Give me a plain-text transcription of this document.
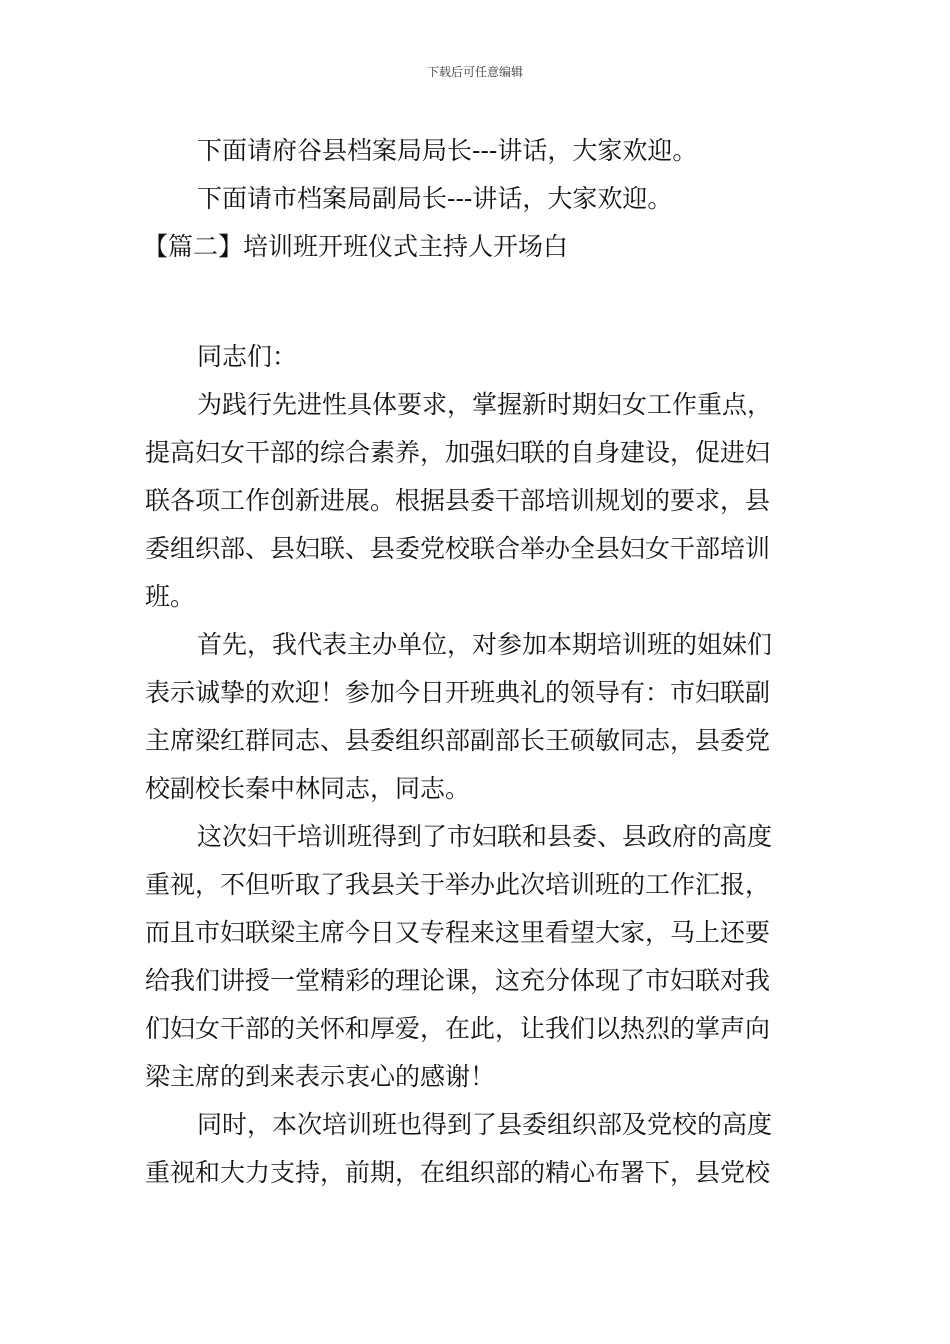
下载后可任意编辑
下面请府谷县档案局局长---讲话，大家欢迎。
下面请市档案局副局长---讲话，大家欢迎。
【篇二】培训班开班仪式主持人开场白
同志们：
为践行先进性具体要求，掌握新时期妇女工作重点，
提高妇女干部的综合素养，加强妇联的自身建设，促进妇
联各项工作创新进展。根据县委干部培训规划的要求，县
委组织部、县妇联、县委党校联合举办全县妇女干部培训
班。
首先，我代表主办单位，对参加本期培训班的姐妹们
表示诚挚的欢迎！参加今日开班典礼的领导有：市妇联副
主席梁红群同志、县委组织部副部长王硕敏同志，县委党
校副校长秦中林同志，同志。
这次妇干培训班得到了市妇联和县委、县政府的高度
重视，不但听取了我县关于举办此次培训班的工作汇报，
而且市妇联梁主席今日又专程来这里看望大家，马上还要
给我们讲授一堂精彩的理论课，这充分体现了市妇联对我
们妇女干部的关怀和厚爱，在此，让我们以热烈的掌声向
梁主席的到来表示衷心的感谢！
同时，本次培训班也得到了县委组织部及党校的高度
重视和大力支持，前期，在组织部的精心布署下，县党校
